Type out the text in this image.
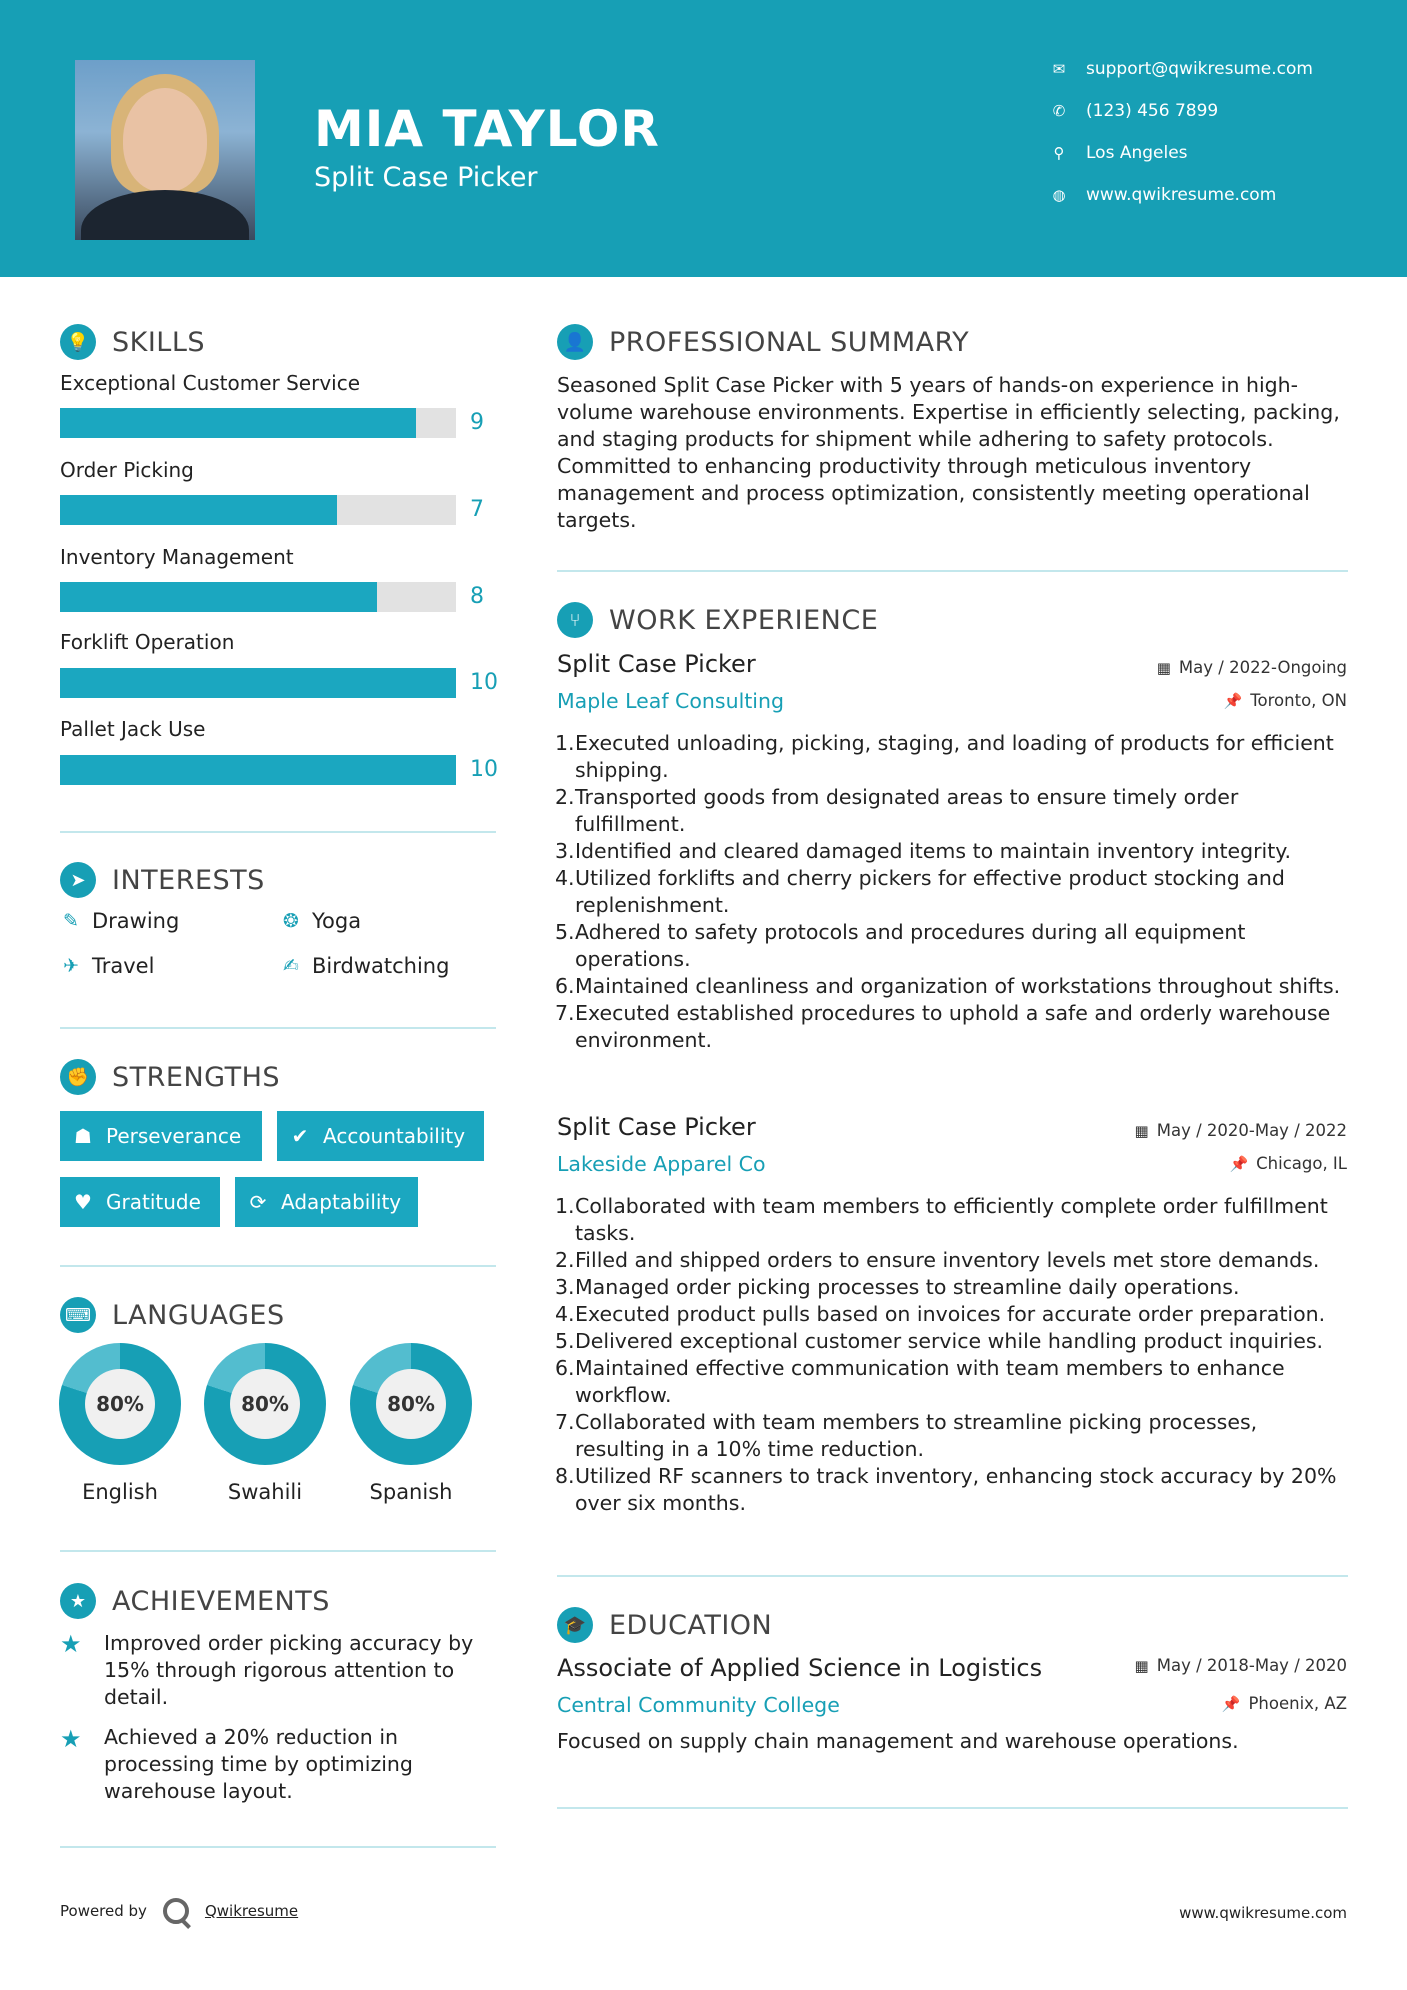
MIA TAYLOR
Split Case Picker
✉ support@qwikresume.com
✆ (123) 456 7899
⚲ Los Angeles
◍ www.qwikresume.com
💡 SKILLS
Exceptional Customer Service
9
Order Picking
7
Inventory Management
8
Forklift Operation
10
Pallet Jack Use
10
➤ INTERESTS
✎ Drawing	❂ Yoga
✈ Travel	✍ Birdwatching
✊ STRENGTHS
☗ Perseverance	✔ Accountability
♥ Gratitude ⟳ Adaptability
⌨ LANGUAGES
80%
English
80%
Swahili
80%
Spanish
★ ACHIEVEMENTS
★	Improved order picking accuracy by 15% through rigorous attention to detail.
★	Achieved a 20% reduction in processing time by optimizing warehouse layout.
👤 PROFESSIONAL SUMMARY
Seasoned Split Case Picker with 5 years of hands-on experience in high-volume warehouse environments. Expertise in efficiently selecting, packing, and staging products for shipment while adhering to safety protocols. Committed to enhancing productivity through meticulous inventory management and process optimization, consistently meeting operational targets.
⑂	WORK EXPERIENCE
Split Case Picker	▦ May / 2022-Ongoing
Maple Leaf Consulting	📌 Toronto, ON
1. Executed unloading, picking, staging, and loading of products for efficient shipping.
2. Transported goods from designated areas to ensure timely order fulfillment.
3. Identified and cleared damaged items to maintain inventory integrity.
4. Utilized forklifts and cherry pickers for effective product stocking and replenishment.
5. Adhered to safety protocols and procedures during all equipment operations.
6. Maintained cleanliness and organization of workstations throughout shifts.
7. Executed established procedures to uphold a safe and orderly warehouse environment.
Split Case Picker	▦ May / 2020-May / 2022
Lakeside Apparel Co	📌 Chicago, IL
1. Collaborated with team members to efficiently complete order fulfillment tasks.
2. Filled and shipped orders to ensure inventory levels met store demands.
3. Managed order picking processes to streamline daily operations.
4. Executed product pulls based on invoices for accurate order preparation.
5. Delivered exceptional customer service while handling product inquiries.
6. Maintained effective communication with team members to enhance workflow.
7. Collaborated with team members to streamline picking processes, resulting in a 10% time reduction.
8. Utilized RF scanners to track inventory, enhancing stock accuracy by 20% over six months.
🎓 EDUCATION
Associate of Applied Science in Logistics	▦ May / 2018-May / 2020
Central Community College	📌 Phoenix, AZ
Focused on supply chain management and warehouse operations.
Powered by	Qwikresume	www.qwikresume.com
